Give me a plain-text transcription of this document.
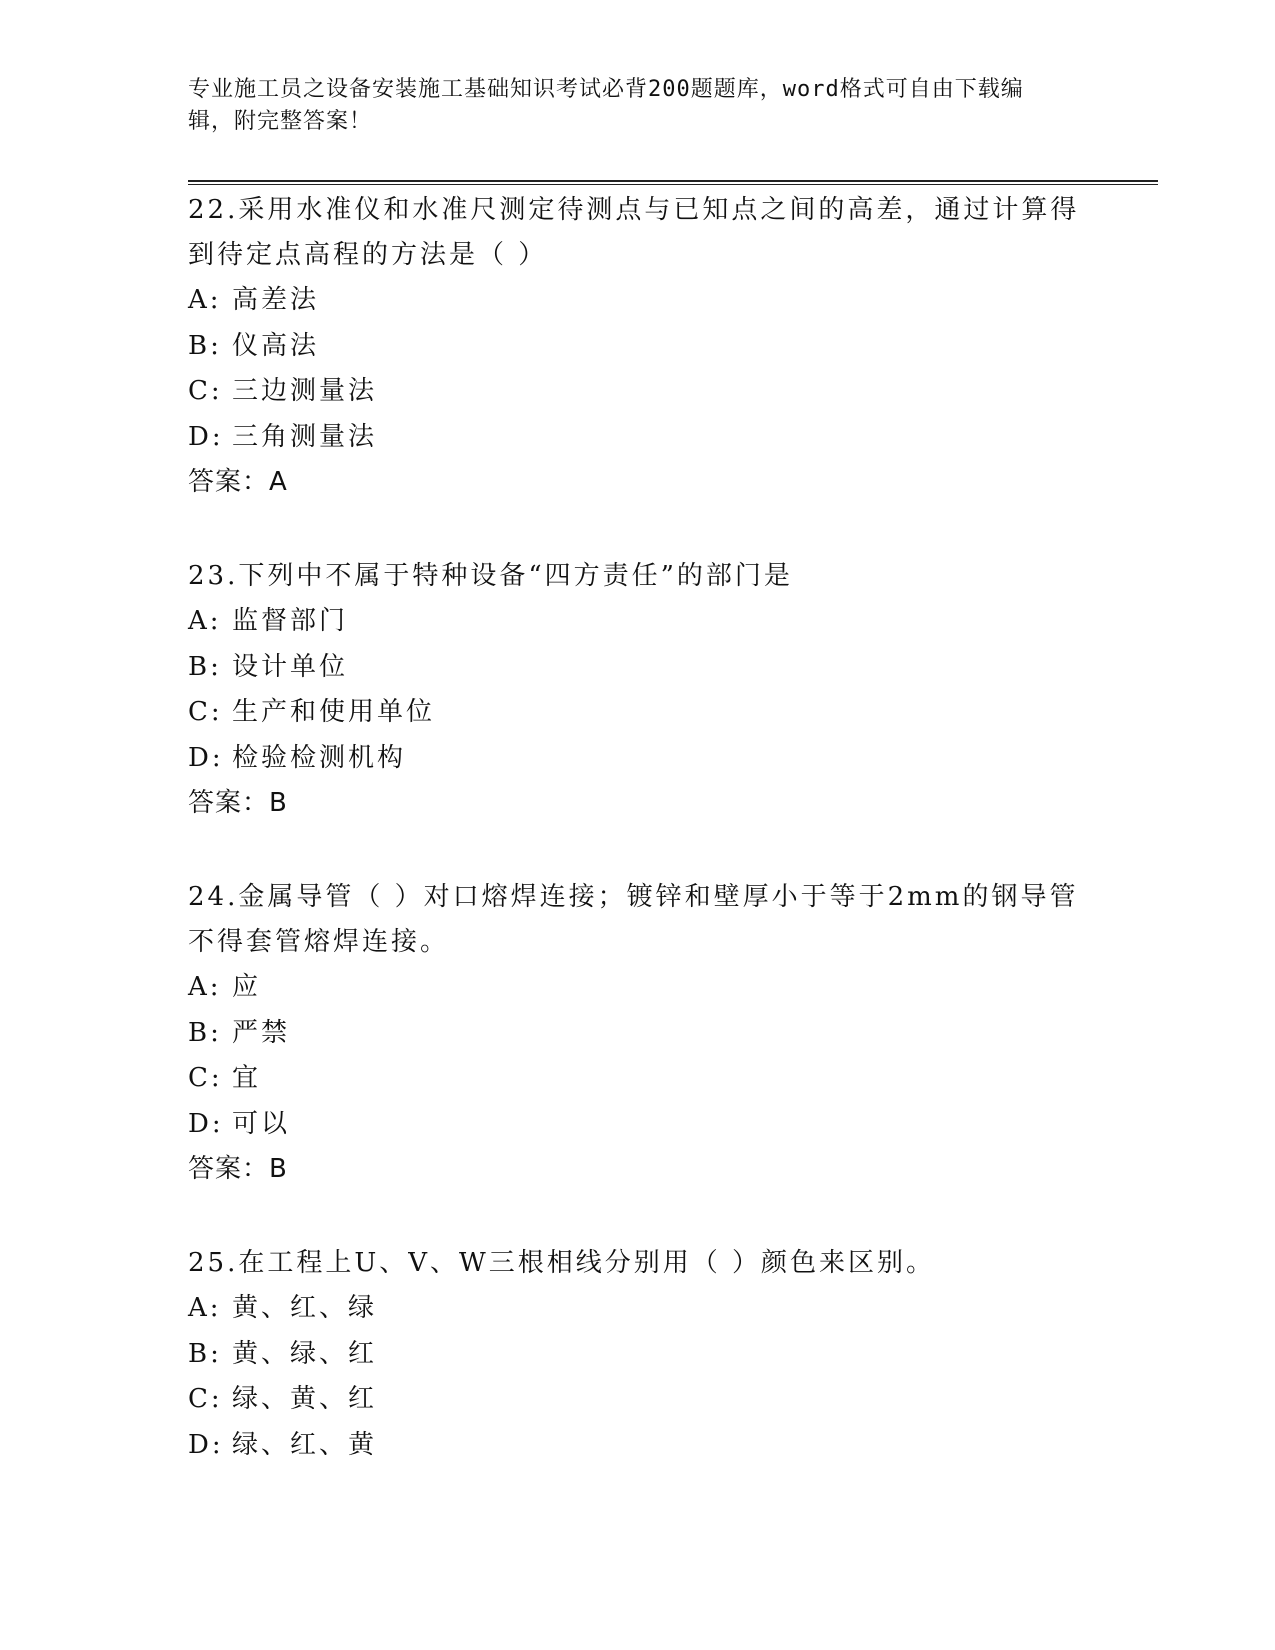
专业施工员之设备安装施工基础知识考试必背200题题库，word格式可自由下载编辑，附完整答案！

22.采用水准仪和水准尺测定待测点与已知点之间的高差，通过计算得到待定点高程的方法是（ ）

A: 高差法

B: 仪高法

C: 三边测量法

D: 三角测量法

答案：A

23.下列中不属于特种设备“四方责任”的部门是

A: 监督部门

B: 设计单位

C: 生产和使用单位

D: 检验检测机构

答案：B

24.金属导管（ ）对口熔焊连接；镀锌和壁厚小于等于2mm的钢导管不得套管熔焊连接。

A: 应

B: 严禁

C: 宜

D: 可以

答案：B

25.在工程上U、V、W三根相线分别用（ ）颜色来区别。

A: 黄、红、绿

B: 黄、绿、红

C: 绿、黄、红

D: 绿、红、黄
